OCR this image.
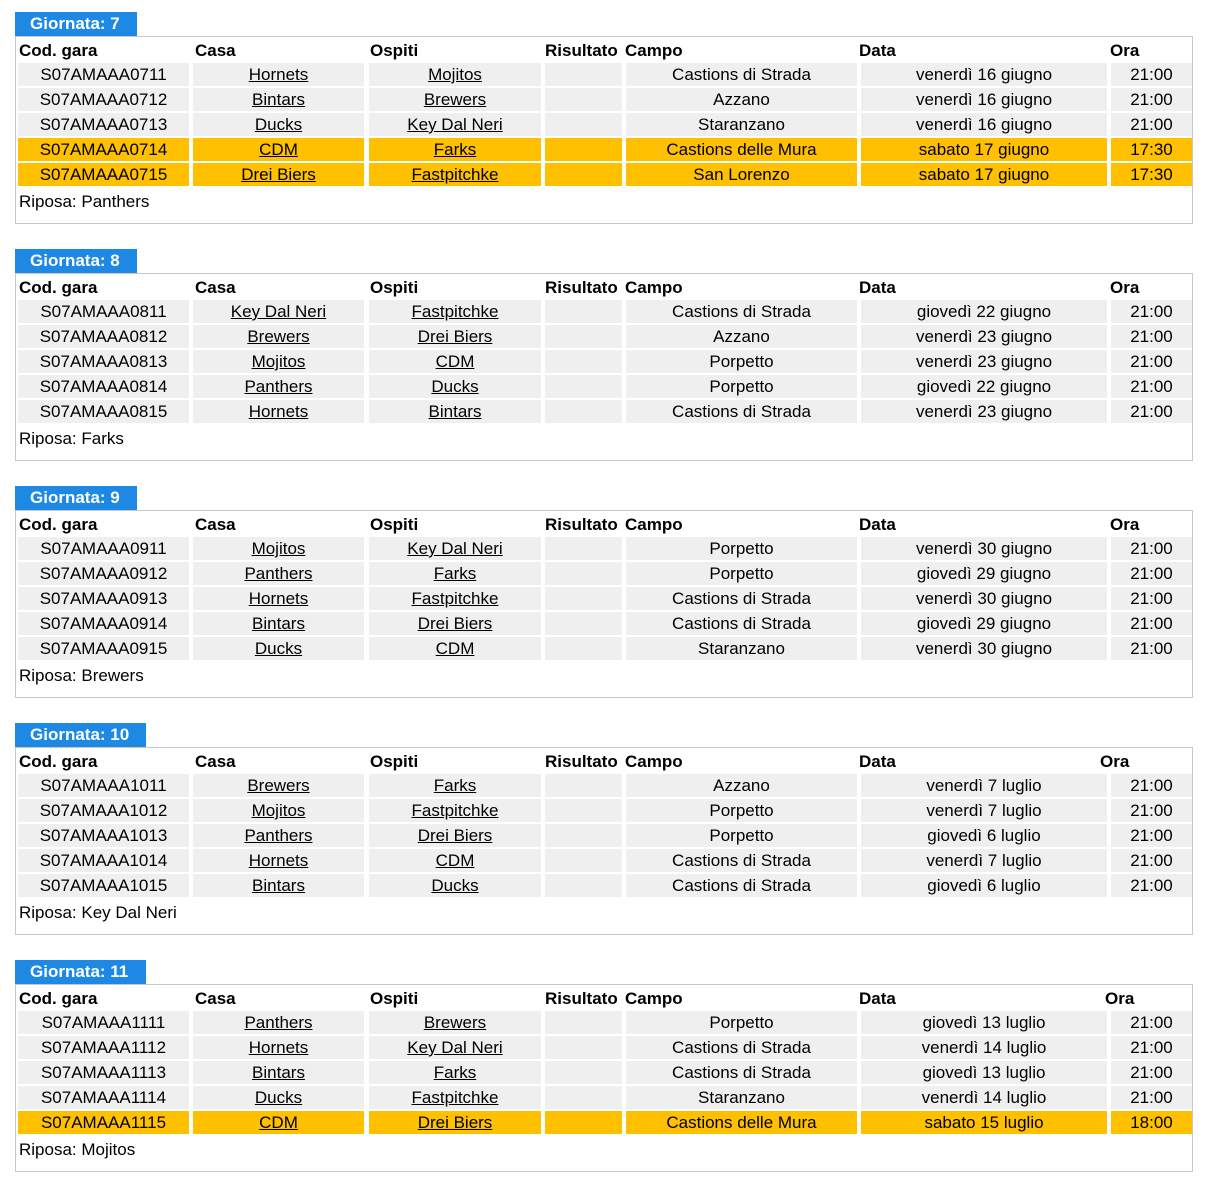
Giornata: 7
Cod. gara	Casa	Ospiti	Risultato Campo	Data	Ora
S07AMAAA0711	Hornets	Mojitos	Castions di Strada	venerdì 16 giugno	21:00
S07AMAAA0712	Bintars	Brewers	Azzano	venerdì 16 giugno	21:00
S07AMAAA0713	Ducks	Key Dal Neri	Staranzano	venerdì 16 giugno	21:00
S07AMAAA0714	CDM	Farks	Castions delle Mura	sabato 17 giugno	17:30
S07AMAAA0715	Drei Biers	Fastpitchke	San Lorenzo	sabato 17 giugno	17:30
Riposa: Panthers
Giornata: 8
Cod. gara	Casa	Ospiti	Risultato Campo	Data	Ora
S07AMAAA0811	Key Dal Neri	Fastpitchke	Castions di Strada	giovedì 22 giugno	21:00
S07AMAAA0812	Brewers	Drei Biers	Azzano	venerdì 23 giugno	21:00
S07AMAAA0813	Mojitos	CDM	Porpetto	venerdì 23 giugno	21:00
S07AMAAA0814	Panthers	Ducks	Porpetto	giovedì 22 giugno	21:00
S07AMAAA0815	Hornets	Bintars	Castions di Strada	venerdì 23 giugno	21:00
Riposa: Farks
Giornata: 9
Cod. gara	Casa	Ospiti	Risultato Campo	Data	Ora
S07AMAAA0911	Mojitos	Key Dal Neri	Porpetto	venerdì 30 giugno	21:00
S07AMAAA0912	Panthers	Farks	Porpetto	giovedì 29 giugno	21:00
S07AMAAA0913	Hornets	Fastpitchke	Castions di Strada	venerdì 30 giugno	21:00
S07AMAAA0914	Bintars	Drei Biers	Castions di Strada	giovedì 29 giugno	21:00
S07AMAAA0915	Ducks	CDM	Staranzano	venerdì 30 giugno	21:00
Riposa: Brewers
Giornata: 10
Cod. gara	Casa	Ospiti	Risultato Campo	Data	Ora
S07AMAAA1011	Brewers	Farks	Azzano	venerdì 7 luglio	21:00
S07AMAAA1012	Mojitos	Fastpitchke	Porpetto	venerdì 7 luglio	21:00
S07AMAAA1013	Panthers	Drei Biers	Porpetto	giovedì 6 luglio	21:00
S07AMAAA1014	Hornets	CDM	Castions di Strada	venerdì 7 luglio	21:00
S07AMAAA1015	Bintars	Ducks	Castions di Strada	giovedì 6 luglio	21:00
Riposa: Key Dal Neri
Giornata: 11
Cod. gara	Casa	Ospiti	Risultato Campo	Data	Ora
S07AMAAA1111	Panthers	Brewers	Porpetto	giovedì 13 luglio	21:00
S07AMAAA1112	Hornets	Key Dal Neri	Castions di Strada	venerdì 14 luglio	21:00
S07AMAAA1113	Bintars	Farks	Castions di Strada	giovedì 13 luglio	21:00
S07AMAAA1114	Ducks	Fastpitchke	Staranzano	venerdì 14 luglio	21:00
S07AMAAA1115	CDM	Drei Biers	Castions delle Mura	sabato 15 luglio	18:00
Riposa: Mojitos
